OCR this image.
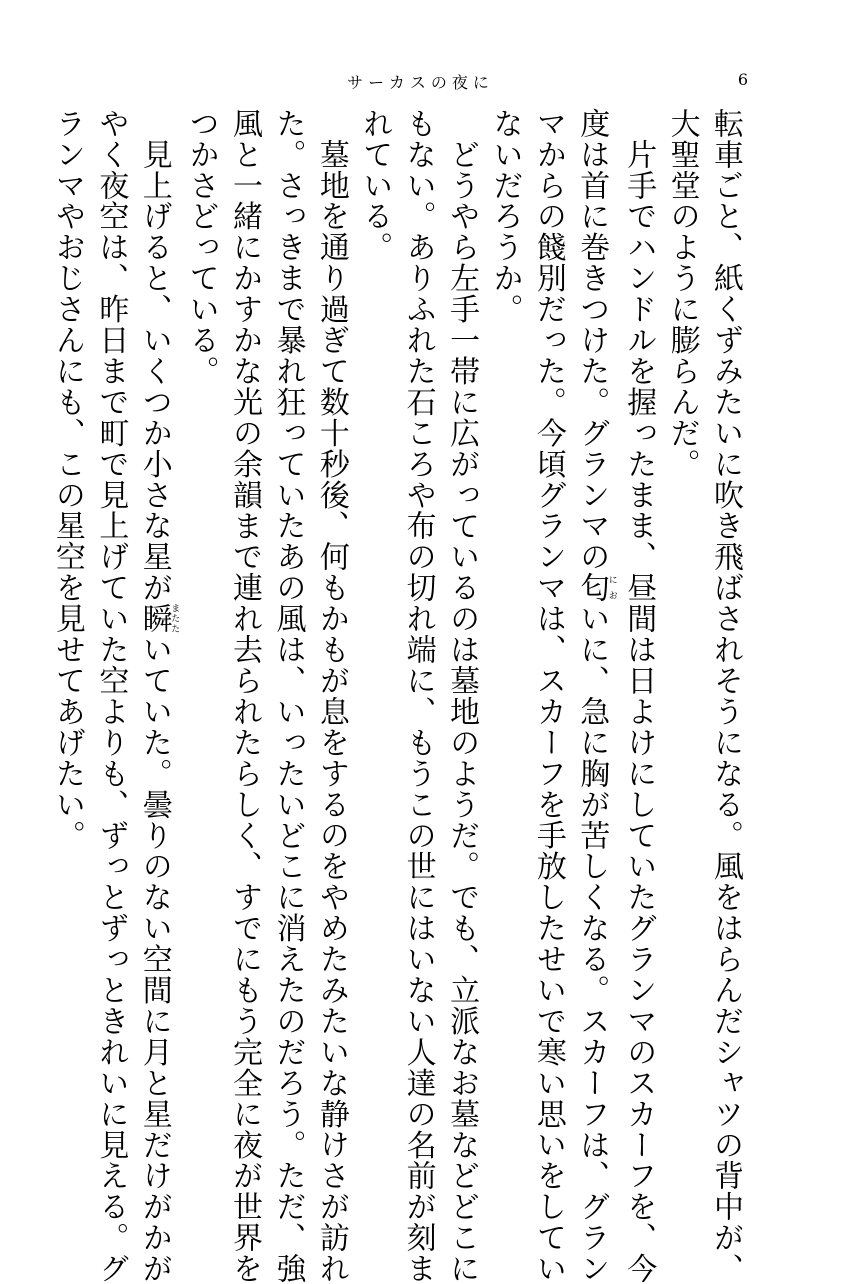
サーカスの夜に	6
転車ごと、紙くずみたいに吹き飛ばされそうになる。風をはらんだシャツの背中が、
大聖堂のように膨らんだ。
　片手でハンドルを握ったまま、昼間は日よけにしていたグランマのスカーフを、今
度は首に巻きつけた。グランマの匂においに、急に胸が苦しくなる。スカーフは、グラン
マからの餞別だった。今頃グランマは、スカーフを手放したせいで寒い思いをしてい
ないだろうか。
　どうやら左手一帯に広がっているのは墓地のようだ。でも、立派なお墓などどこに
もない。ありふれた石ころや布の切れ端に、もうこの世にはいない人達の名前が刻ま
れている。
　墓地を通り過ぎて数十秒後、何もかもが息をするのをやめたみたいな静けさが訪れ
た。さっきまで暴れ狂っていたあの風は、いったいどこに消えたのだろう。ただ、強
風と一緒にかすかな光の余韻まで連れ去られたらしく、すでにもう完全に夜が世界を
つかさどっている。
　見上げると、いくつか小さな星が瞬またたいていた。曇りのない空間に月と星だけがかが
やく夜空は、昨日まで町で見上げていた空よりも、ずっとずっときれいに見える。グ
ランマやおじさんにも、この星空を見せてあげたい。
